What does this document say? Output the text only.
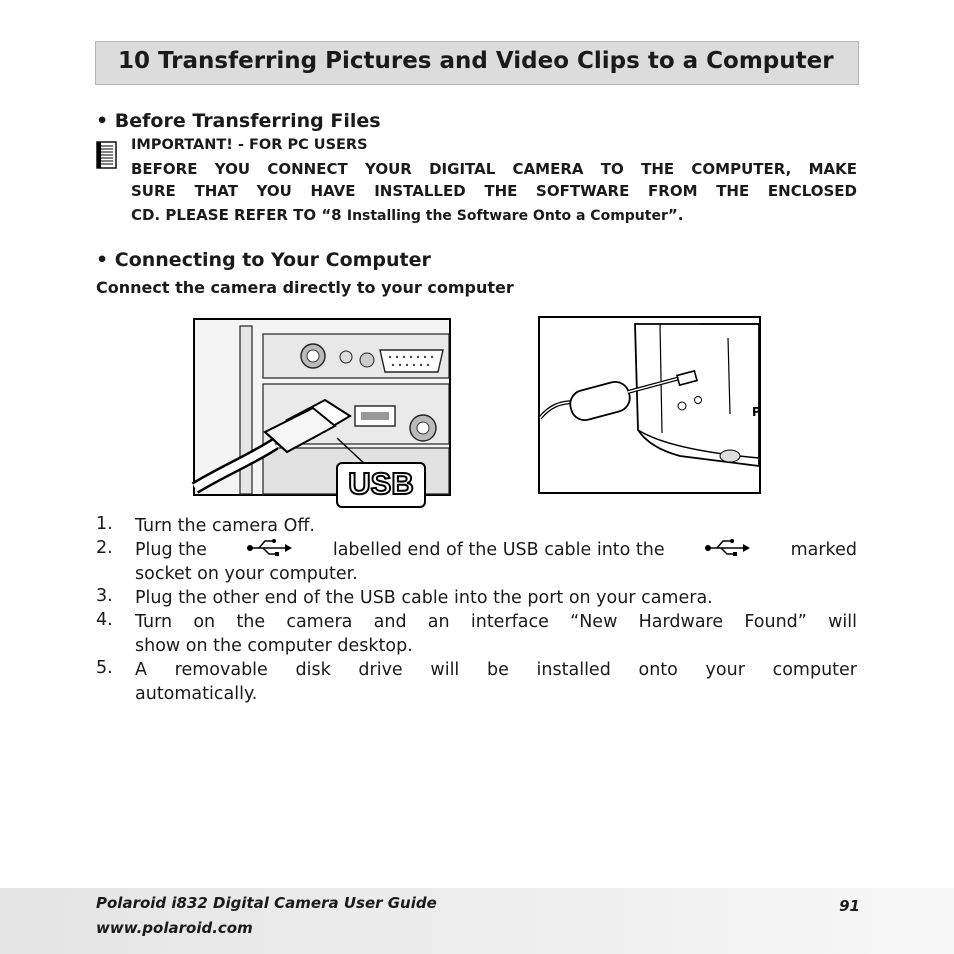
10 Transferring Pictures and Video Clips to a Computer
• Before Transferring Files
IMPORTANT! - FOR PC USERS
BEFORE YOU CONNECT YOUR DIGITAL CAMERA TO THE COMPUTER, MAKE
SURE THAT YOU HAVE INSTALLED THE SOFTWARE FROM THE ENCLOSED
CD. PLEASE REFER TO “8 Installing the Software Onto a Computer”.
• Connecting to Your Computer
Connect the camera directly to your computer
USB
P
1. Turn the camera Off.
2. Plug the	labelled end of the USB cable into the	marked
socket on your computer.
3. Plug the other end of the USB cable into the port on your camera.
4. Turn on the camera and an interface “New Hardware Found” will
show on the computer desktop.
5. A removable disk drive will be installed onto your computer
automatically.
Polaroid i832 Digital Camera User Guide
www.polaroid.com
91
